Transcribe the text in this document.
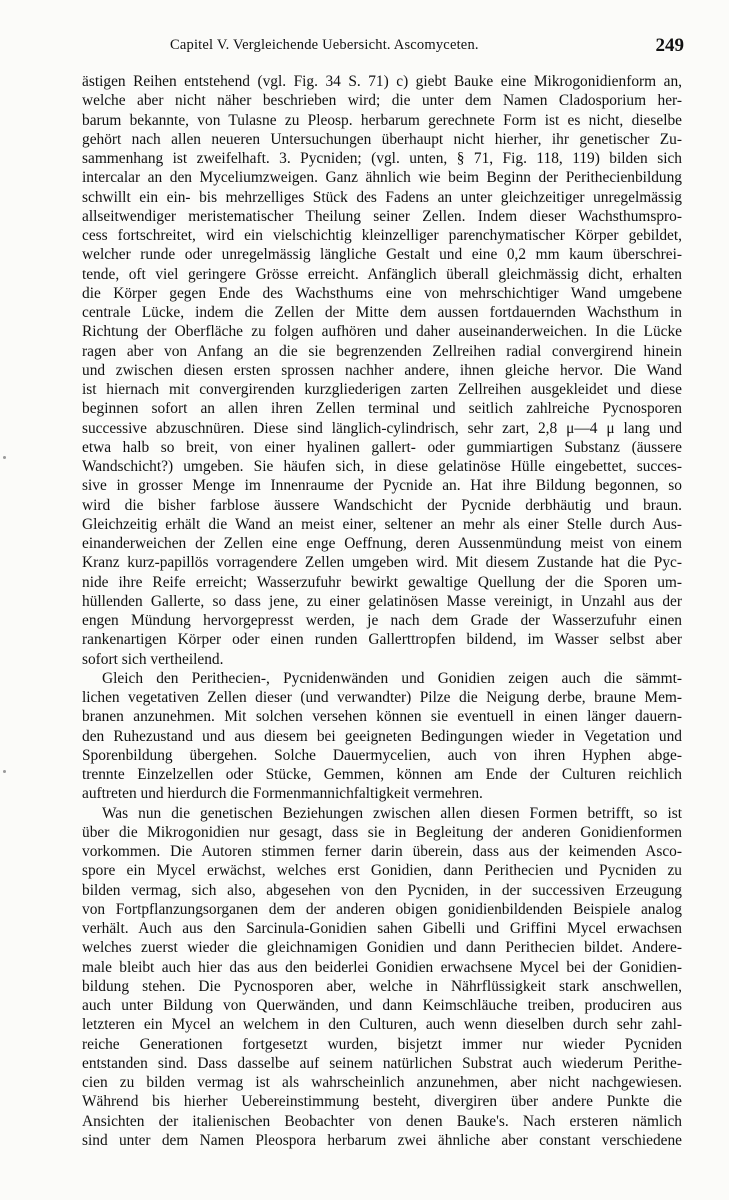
Capitel V. Vergleichende Uebersicht. Ascomyceten.	249
ästigen Reihen entstehend (vgl. Fig. 34 S. 71) c) giebt Bauke eine Mikrogonidienform an,
welche aber nicht näher beschrieben wird; die unter dem Namen Cladosporium her-
barum bekannte, von Tulasne zu Pleosp. herbarum gerechnete Form ist es nicht, dieselbe
gehört nach allen neueren Untersuchungen überhaupt nicht hierher, ihr genetischer Zu-
sammenhang ist zweifelhaft. 3. Pycniden; (vgl. unten, § 71, Fig. 118, 119) bilden sich
intercalar an den Myceliumzweigen. Ganz ähnlich wie beim Beginn der Perithecienbildung
schwillt ein ein- bis mehrzelliges Stück des Fadens an unter gleichzeitiger unregelmässig
allseitwendiger meristematischer Theilung seiner Zellen. Indem dieser Wachsthumspro-
cess fortschreitet, wird ein vielschichtig kleinzelliger parenchymatischer Körper gebildet,
welcher runde oder unregelmässig längliche Gestalt und eine 0,2 mm kaum überschrei-
tende, oft viel geringere Grösse erreicht. Anfänglich überall gleichmässig dicht, erhalten
die Körper gegen Ende des Wachsthums eine von mehrschichtiger Wand umgebene
centrale Lücke, indem die Zellen der Mitte dem aussen fortdauernden Wachsthum in
Richtung der Oberfläche zu folgen aufhören und daher auseinanderweichen. In die Lücke
ragen aber von Anfang an die sie begrenzenden Zellreihen radial convergirend hinein
und zwischen diesen ersten sprossen nachher andere, ihnen gleiche hervor. Die Wand
ist hiernach mit convergirenden kurzgliederigen zarten Zellreihen ausgekleidet und diese
beginnen sofort an allen ihren Zellen terminal und seitlich zahlreiche Pycnosporen
successive abzuschnüren. Diese sind länglich-cylindrisch, sehr zart, 2,8 μ—4 μ lang und
etwa halb so breit, von einer hyalinen gallert- oder gummiartigen Substanz (äussere
Wandschicht?) umgeben. Sie häufen sich, in diese gelatinöse Hülle eingebettet, succes-
sive in grosser Menge im Innenraume der Pycnide an. Hat ihre Bildung begonnen, so
wird die bisher farblose äussere Wandschicht der Pycnide derbhäutig und braun.
Gleichzeitig erhält die Wand an meist einer, seltener an mehr als einer Stelle durch Aus-
einanderweichen der Zellen eine enge Oeffnung, deren Aussenmündung meist von einem
Kranz kurz-papillös vorragendere Zellen umgeben wird. Mit diesem Zustande hat die Pyc-
nide ihre Reife erreicht; Wasserzufuhr bewirkt gewaltige Quellung der die Sporen um-
hüllenden Gallerte, so dass jene, zu einer gelatinösen Masse vereinigt, in Unzahl aus der
engen Mündung hervorgepresst werden, je nach dem Grade der Wasserzufuhr einen
rankenartigen Körper oder einen runden Gallerttropfen bildend, im Wasser selbst aber
sofort sich vertheilend.
Gleich den Perithecien-, Pycnidenwänden und Gonidien zeigen auch die sämmt-
lichen vegetativen Zellen dieser (und verwandter) Pilze die Neigung derbe, braune Mem-
branen anzunehmen. Mit solchen versehen können sie eventuell in einen länger dauern-
den Ruhezustand und aus diesem bei geeigneten Bedingungen wieder in Vegetation und
Sporenbildung übergehen. Solche Dauermycelien, auch von ihren Hyphen abge-
trennte Einzelzellen oder Stücke, Gemmen, können am Ende der Culturen reichlich
auftreten und hierdurch die Formenmannichfaltigkeit vermehren.
Was nun die genetischen Beziehungen zwischen allen diesen Formen betrifft, so ist
über die Mikrogonidien nur gesagt, dass sie in Begleitung der anderen Gonidienformen
vorkommen. Die Autoren stimmen ferner darin überein, dass aus der keimenden Asco-
spore ein Mycel erwächst, welches erst Gonidien, dann Perithecien und Pycniden zu
bilden vermag, sich also, abgesehen von den Pycniden, in der successiven Erzeugung
von Fortpflanzungsorganen dem der anderen obigen gonidienbildenden Beispiele analog
verhält. Auch aus den Sarcinula-Gonidien sahen Gibelli und Griffini Mycel erwachsen
welches zuerst wieder die gleichnamigen Gonidien und dann Perithecien bildet. Andere-
male bleibt auch hier das aus den beiderlei Gonidien erwachsene Mycel bei der Gonidien-
bildung stehen. Die Pycnosporen aber, welche in Nährflüssigkeit stark anschwellen,
auch unter Bildung von Querwänden, und dann Keimschläuche treiben, produciren aus
letzteren ein Mycel an welchem in den Culturen, auch wenn dieselben durch sehr zahl-
reiche Generationen fortgesetzt wurden, bisjetzt immer nur wieder Pycniden
entstanden sind. Dass dasselbe auf seinem natürlichen Substrat auch wiederum Perithe-
cien zu bilden vermag ist als wahrscheinlich anzunehmen, aber nicht nachgewiesen.
Während bis hierher Uebereinstimmung besteht, divergiren über andere Punkte die
Ansichten der italienischen Beobachter von denen Bauke's. Nach ersteren nämlich
sind unter dem Namen Pleospora herbarum zwei ähnliche aber constant verschiedene
